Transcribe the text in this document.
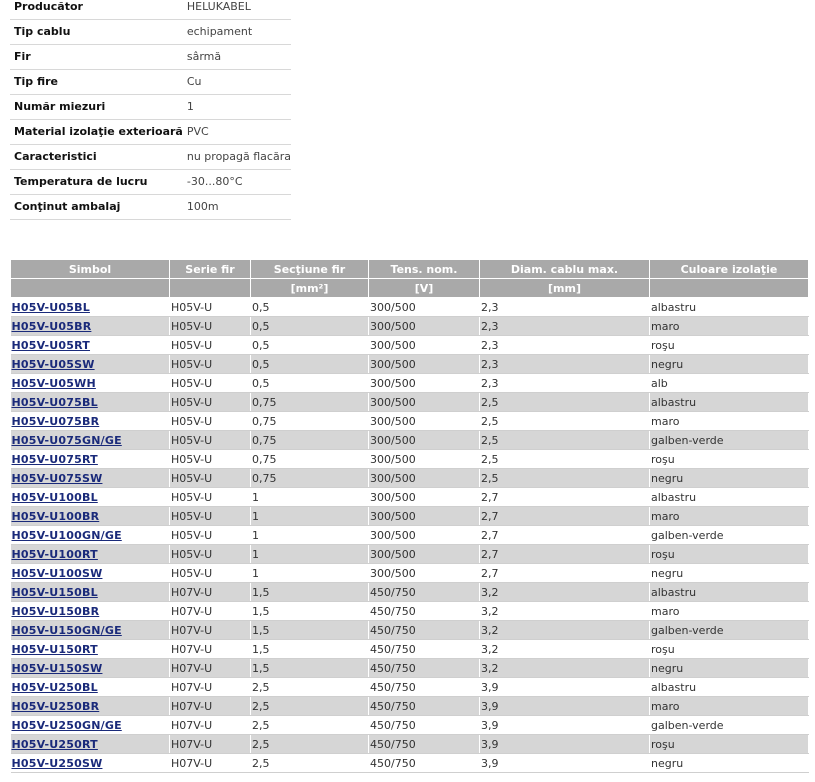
Producător	HELUKABEL
Tip cablu	echipament
Fir	sârmă
Tip fire	Cu
Număr miezuri	1
Material izolaţie exterioară	PVC
Caracteristici	nu propagă flacăra
Temperatura de lucru	-30...80°C
Conţinut ambalaj	100m
Simbol	Serie fir	Secţiune fir	Tens. nom.	Diam. cablu max.	Culoare izolaţie
		[mm²]	[V]	[mm]	
H05V-U05BL	H05V-U	0,5	300/500	2,3	albastru
H05V-U05BR	H05V-U	0,5	300/500	2,3	maro
H05V-U05RT	H05V-U	0,5	300/500	2,3	roşu
H05V-U05SW	H05V-U	0,5	300/500	2,3	negru
H05V-U05WH	H05V-U	0,5	300/500	2,3	alb
H05V-U075BL	H05V-U	0,75	300/500	2,5	albastru
H05V-U075BR	H05V-U	0,75	300/500	2,5	maro
H05V-U075GN/GE	H05V-U	0,75	300/500	2,5	galben-verde
H05V-U075RT	H05V-U	0,75	300/500	2,5	roşu
H05V-U075SW	H05V-U	0,75	300/500	2,5	negru
H05V-U100BL	H05V-U	1	300/500	2,7	albastru
H05V-U100BR	H05V-U	1	300/500	2,7	maro
H05V-U100GN/GE	H05V-U	1	300/500	2,7	galben-verde
H05V-U100RT	H05V-U	1	300/500	2,7	roşu
H05V-U100SW	H05V-U	1	300/500	2,7	negru
H05V-U150BL	H07V-U	1,5	450/750	3,2	albastru
H05V-U150BR	H07V-U	1,5	450/750	3,2	maro
H05V-U150GN/GE	H07V-U	1,5	450/750	3,2	galben-verde
H05V-U150RT	H07V-U	1,5	450/750	3,2	roşu
H05V-U150SW	H07V-U	1,5	450/750	3,2	negru
H05V-U250BL	H07V-U	2,5	450/750	3,9	albastru
H05V-U250BR	H07V-U	2,5	450/750	3,9	maro
H05V-U250GN/GE	H07V-U	2,5	450/750	3,9	galben-verde
H05V-U250RT	H07V-U	2,5	450/750	3,9	roşu
H05V-U250SW	H07V-U	2,5	450/750	3,9	negru
